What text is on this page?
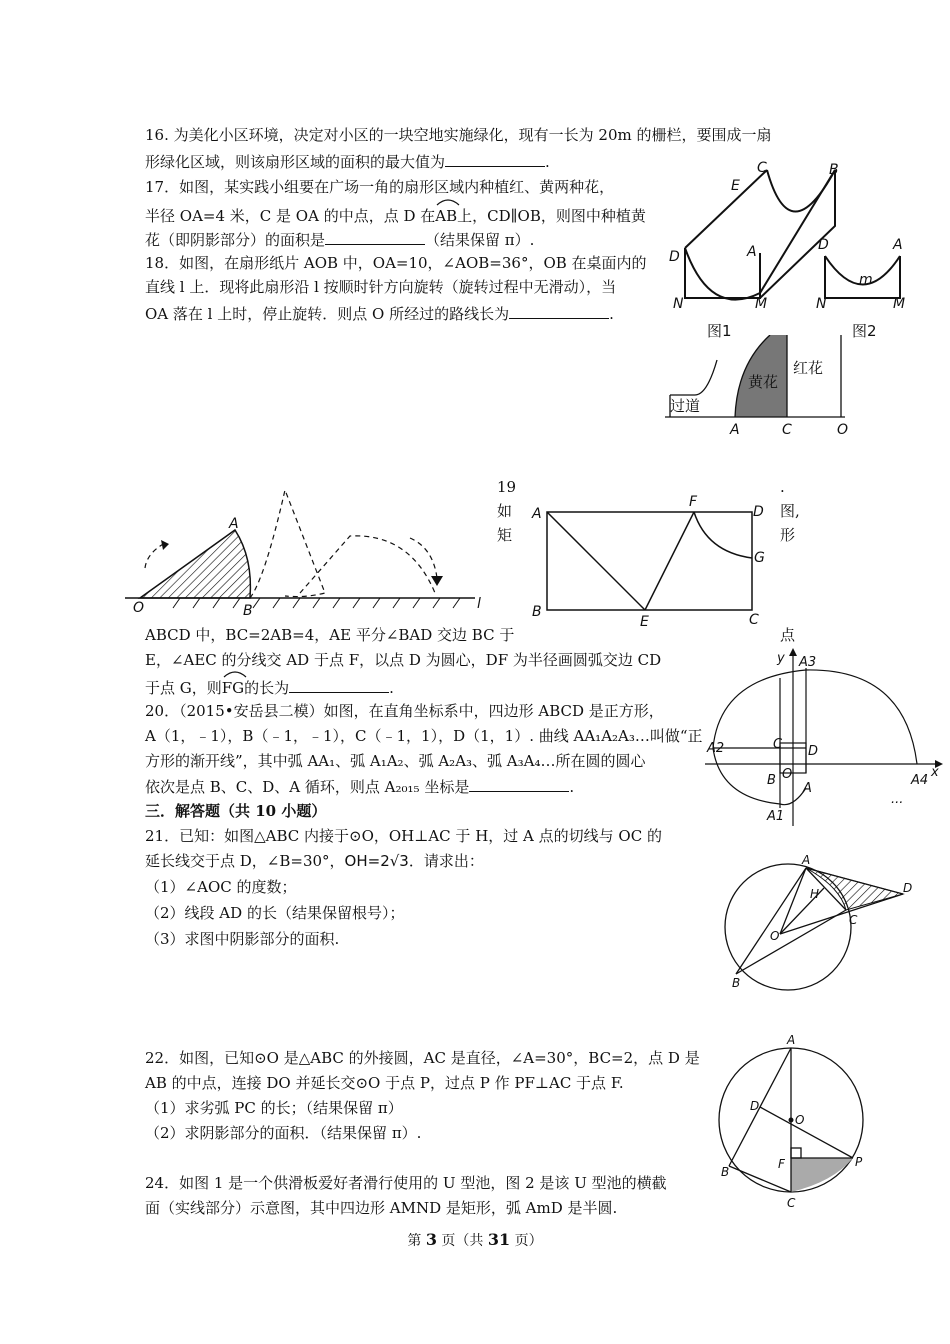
16. 为美化小区环境，决定对小区的一块空地实施绿化，现有一长为 20m 的栅栏，要围成一扇
形绿化区域，则该扇形区域的面积的最大值为	.
17．如图，某实践小组要在广场一角的扇形区域内种植红、黄两种花，
半径 OA=4 米，C 是 OA 的中点，点 D 在
AB上，CD∥OB，则图中种植黄
花（即阴影部分）的面积是	（结果保留 π）.
18．如图，在扇形纸片 AOB 中，OA=10，∠AOB=36°，OB 在桌面内的
直线 l 上．现将此扇形沿 l 按顺时针方向旋转（旋转过程中无滑动），当
OA 落在 l 上时，停止旋转．则点 O 所经过的路线长为	.
C	B
E
A
D
N	M
D	A
m
N	M
图1	图2
黄花
红花
过道
A	C	O
A
O	B	l
19
如
矩
.
图,
形
A
F
D
G
B
E	C
ABCD 中，BC=2AB=4，AE 平分∠BAD 交边 BC 于	点
E，∠AEC 的分线交 AD 于点 F，以点 D 为圆心，DF 为半径画圆弧交边 CD
于点 G，则
FG的长为	.
20．（2015•安岳县二模）如图，在直角坐标系中，四边形 ABCD 是正方形，
A（1，﹣1），B（﹣1，﹣1），C（﹣1，1），D（1，1）. 曲线 AA₁A₂A₃…叫做“正
方形的渐开线”，其中弧 AA₁、弧 A₁A₂、弧 A₂A₃、弧 A₃A₄…所在圆的圆心
依次是点 B、C、D、A 循环，则点 A₂₀₁₅ 坐标是	.
y A3
C D
A2
B O
A
A4
x
A1
...
三．解答题（共 10 小题）
21．已知：如图△ABC 内接于⊙O，OH⊥AC 于 H，过 A 点的切线与 OC 的
延长线交于点 D，∠B=30°，OH=2√3．请求出：
（1）∠AOC 的度数；
（2）线段 AD 的长（结果保留根号）；
（3）求图中阴影部分的面积.
A
H	D
O
C
B
22．如图，已知⊙O 是△ABC 的外接圆，AC 是直径，∠A=30°，BC=2，点 D 是
AB 的中点，连接 DO 并延长交⊙O 于点 P，过点 P 作 PF⊥AC 于点 F.
（1）求劣弧 PC 的长；（结果保留 π）
（2）求阴影部分的面积．（结果保留 π）.
A
D
O
F	P
B
C
24．如图 1 是一个供滑板爱好者滑行使用的 U 型池，图 2 是该 U 型池的横截
面（实线部分）示意图，其中四边形 AMND 是矩形，弧 AmD 是半圆.
第 3 页（共 31 页）
